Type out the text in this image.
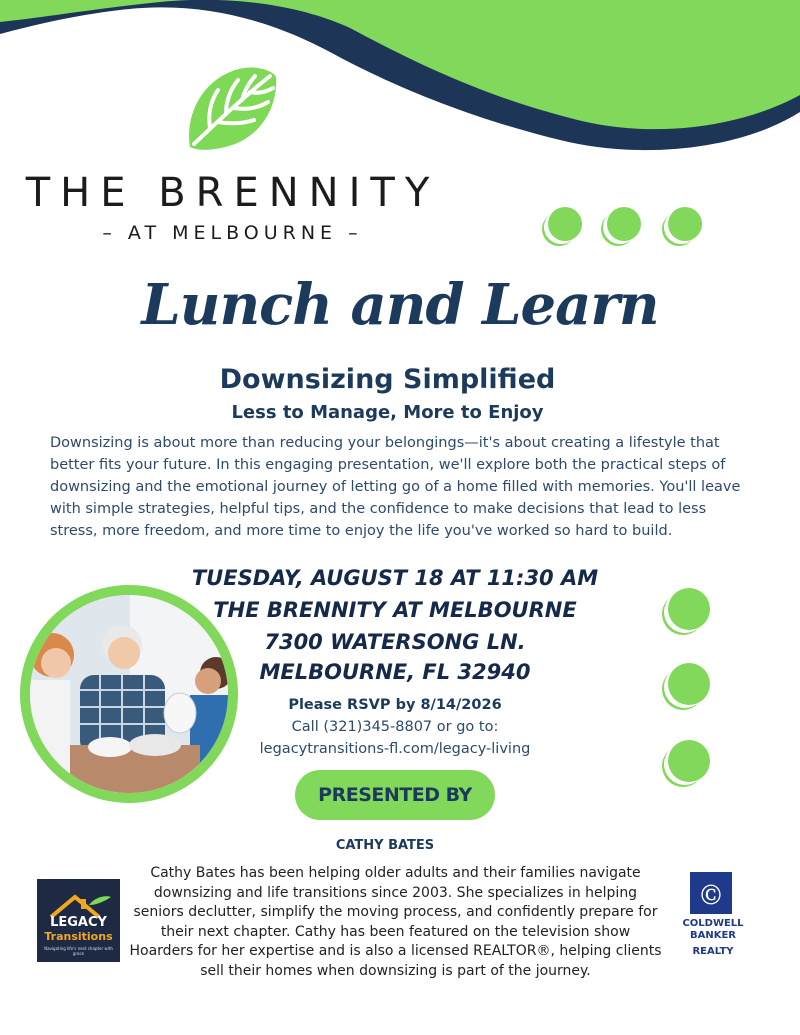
THE BRENNITY
– AT MELBOURNE –
Lunch and Learn
Downsizing Simplified
Less to Manage, More to Enjoy
Downsizing is about more than reducing your belongings—it's about creating a lifestyle that better fits your future. In this engaging presentation, we'll explore both the practical steps of downsizing and the emotional journey of letting go of a home filled with memories. You'll leave with simple strategies, helpful tips, and the confidence to make decisions that lead to less stress, more freedom, and more time to enjoy the life you've worked so hard to build.
TUESDAY, AUGUST 18 AT 11:30 AM
THE BRENNITY AT MELBOURNE
7300 WATERSONG LN.
MELBOURNE, FL 32940
Please RSVP by 8/14/2026
Call (321)345-8807 or go to:
legacytransitions-fl.com/legacy-living
PRESENTED BY
CATHY BATES
Cathy Bates has been helping older adults and their families navigate downsizing and life transitions since 2003. She specializes in helping seniors declutter, simplify the moving process, and confidently prepare for their next chapter. Cathy has been featured on the television show Hoarders for her expertise and is also a licensed REALTOR®, helping clients sell their homes when downsizing is part of the journey.
LEGACY
Transitions
Navigating life's next chapter with grace
Ⓒ
COLDWELL
BANKER
REALTY
